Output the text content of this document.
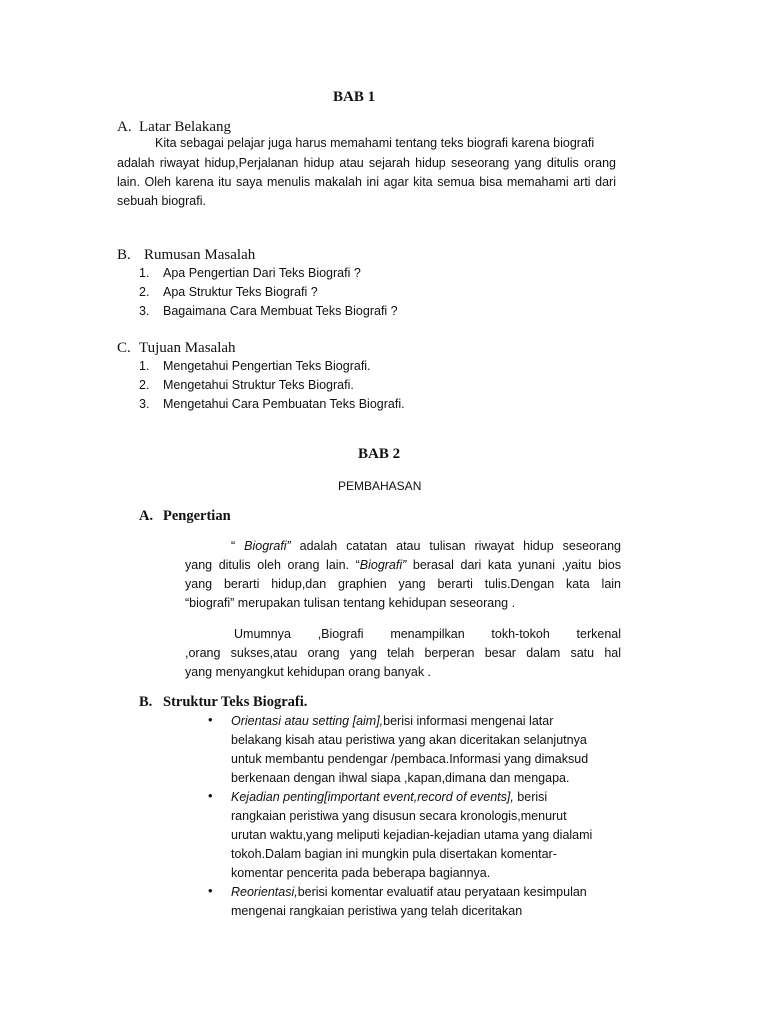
BAB 1
A. Latar Belakang
Kita sebagai pelajar juga harus memahami tentang teks biografi karena biografi
adalah riwayat hidup,Perjalanan hidup atau sejarah hidup seseorang yang ditulis orang
lain. Oleh karena itu saya menulis makalah ini agar kita semua bisa memahami arti dari
sebuah biografi.
B. Rumusan Masalah
1. Apa Pengertian Dari Teks Biografi ?
2. Apa Struktur Teks Biografi ?
3. Bagaimana Cara Membuat Teks Biografi ?
C. Tujuan Masalah
1. Mengetahui Pengertian Teks Biografi.
2. Mengetahui Struktur Teks Biografi.
3. Mengetahui Cara Pembuatan Teks Biografi.
BAB 2
PEMBAHASAN
A. Pengertian
“ Biografi” adalah catatan atau tulisan riwayat hidup seseorang
yang ditulis oleh orang lain. “Biografi” berasal dari kata yunani ,yaitu bios
yang berarti hidup,dan graphien yang berarti tulis.Dengan kata lain
“biografi” merupakan tulisan tentang kehidupan seseorang .
Umumnya ,Biografi menampilkan tokh-tokoh terkenal
,orang sukses,atau orang yang telah berperan besar dalam satu hal
yang menyangkut kehidupan orang banyak .
B. Struktur Teks Biografi.
• Orientasi atau setting [aim],berisi informasi mengenai latar
belakang kisah atau peristiwa yang akan diceritakan selanjutnya
untuk membantu pendengar /pembaca.Informasi yang dimaksud
berkenaan dengan ihwal siapa ,kapan,dimana dan mengapa.
• Kejadian penting[important event,record of events], berisi
rangkaian peristiwa yang disusun secara kronologis,menurut
urutan waktu,yang meliputi kejadian-kejadian utama yang dialami
tokoh.Dalam bagian ini mungkin pula disertakan komentar-
komentar pencerita pada beberapa bagiannya.
• Reorientasi,berisi komentar evaluatif atau peryataan kesimpulan
mengenai rangkaian peristiwa yang telah diceritakan
